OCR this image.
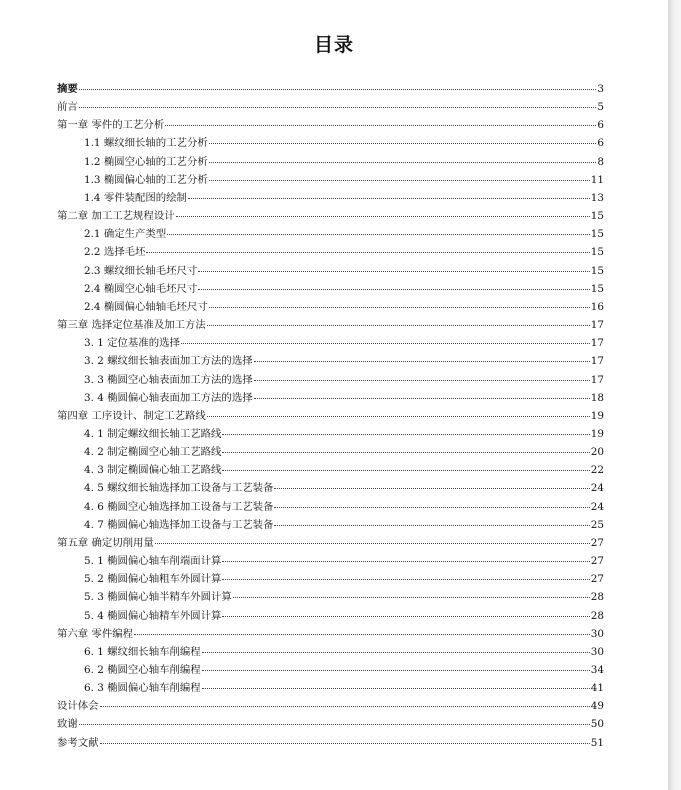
目录
摘要	3
前言	5
第一章 零件的工艺分析	6
1.1 螺纹细长轴的工艺分析	6
1.2 椭圆空心轴的工艺分析	8
1.3 椭圆偏心轴的工艺分析	11
1.4 零件装配图的绘制	13
第二章 加工工艺规程设计	15
2.1 确定生产类型	15
2.2 选择毛坯	15
2.3 螺纹细长轴毛坯尺寸	15
2.4 椭圆空心轴毛坯尺寸	15
2.4 椭圆偏心轴轴毛坯尺寸	16
第三章 选择定位基准及加工方法	17
3. 1 定位基准的选择	17
3. 2 螺纹细长轴表面加工方法的选择	17
3. 3 椭圆空心轴表面加工方法的选择	17
3. 4 椭圆偏心轴表面加工方法的选择	18
第四章 工序设计、制定工艺路线	19
4. 1 制定螺纹细长轴工艺路线	19
4. 2 制定椭圆空心轴工艺路线	20
4. 3 制定椭圆偏心轴工艺路线	22
4. 5 螺纹细长轴选择加工设备与工艺装备	24
4. 6 椭圆空心轴选择加工设备与工艺装备	24
4. 7 椭圆偏心轴选择加工设备与工艺装备	25
第五章 确定切削用量	27
5. 1 椭圆偏心轴车削端面计算	27
5. 2 椭圆偏心轴粗车外圆计算	27
5. 3 椭圆偏心轴半精车外圆计算	28
5. 4 椭圆偏心轴精车外圆计算	28
第六章 零件编程	30
6. 1 螺纹细长轴车削编程	30
6. 2 椭圆空心轴车削编程	34
6. 3 椭圆偏心轴车削编程	41
设计体会	49
致谢	50
参考文献	51
